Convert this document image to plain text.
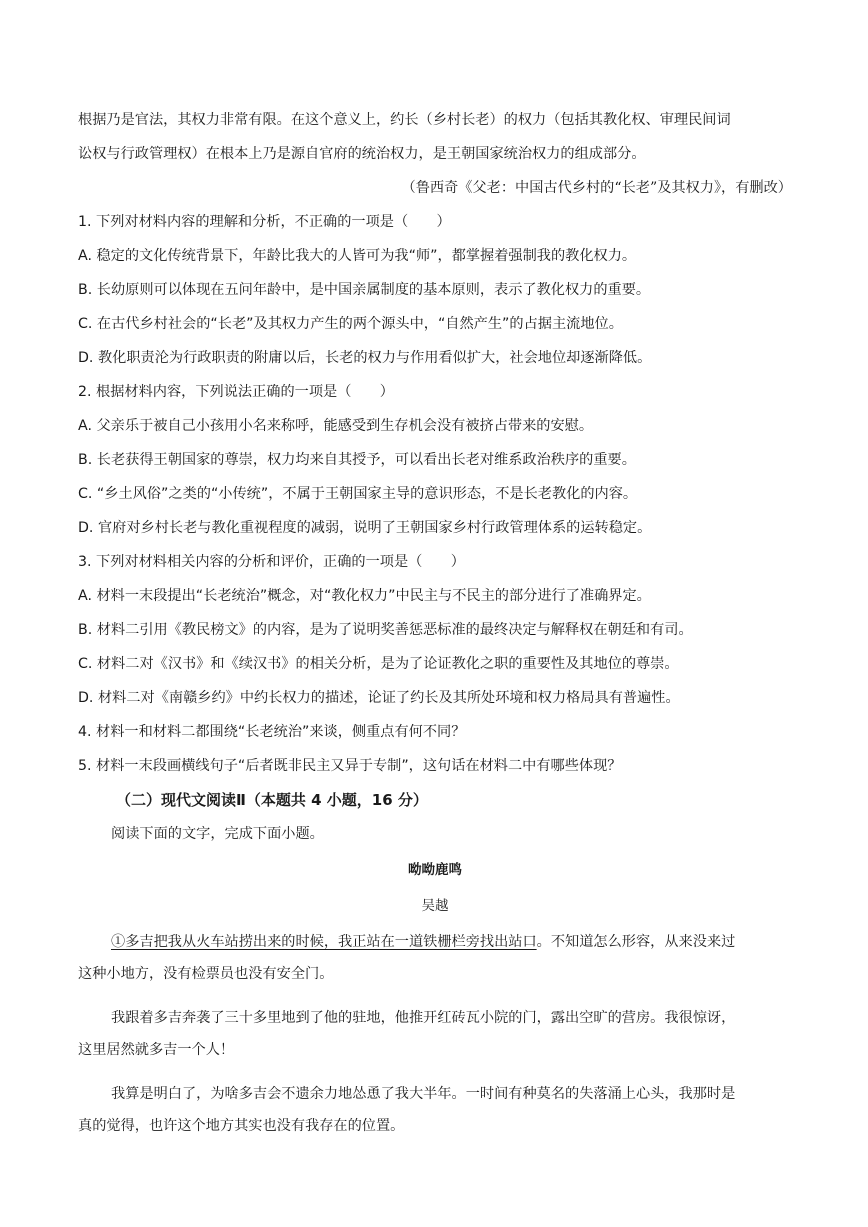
根据乃是官法，其权力非常有限。在这个意义上，约长（乡村长老）的权力（包括其教化权、审理民间词

讼权与行政管理权）在根本上乃是源自官府的统治权力，是王朝国家统治权力的组成部分。

（鲁西奇《父老：中国古代乡村的“长老”及其权力》，有删改）

1. 下列对材料内容的理解和分析，不正确的一项是（　　）

A. 稳定的文化传统背景下，年龄比我大的人皆可为我“师”，都掌握着强制我的教化权力。

B. 长幼原则可以体现在五问年龄中，是中国亲属制度的基本原则，表示了教化权力的重要。

C. 在古代乡村社会的“长老”及其权力产生的两个源头中，“自然产生”的占据主流地位。

D. 教化职责沦为行政职责的附庸以后，长老的权力与作用看似扩大，社会地位却逐渐降低。

2. 根据材料内容，下列说法正确的一项是（　　）

A. 父亲乐于被自己小孩用小名来称呼，能感受到生存机会没有被挤占带来的安慰。

B. 长老获得王朝国家的尊崇，权力均来自其授予，可以看出长老对维系政治秩序的重要。

C. “乡土风俗”之类的“小传统”，不属于王朝国家主导的意识形态，不是长老教化的内容。

D. 官府对乡村长老与教化重视程度的减弱，说明了王朝国家乡村行政管理体系的运转稳定。

3. 下列对材料相关内容的分析和评价，正确的一项是（　　）

A. 材料一末段提出“长老统治”概念，对“教化权力”中民主与不民主的部分进行了准确界定。

B. 材料二引用《教民榜文》的内容，是为了说明奖善惩恶标准的最终决定与解释权在朝廷和有司。

C. 材料二对《汉书》和《续汉书》的相关分析，是为了论证教化之职的重要性及其地位的尊崇。

D. 材料二对《南赣乡约》中约长权力的描述，论证了约长及其所处环境和权力格局具有普遍性。

4. 材料一和材料二都围绕“长老统治”来谈，侧重点有何不同？

5. 材料一末段画横线句子“后者既非民主又异于专制”，这句话在材料二中有哪些体现？

（二）现代文阅读Ⅱ（本题共 4 小题，16 分）

阅读下面的文字，完成下面小题。

呦呦鹿鸣

吴越

①多吉把我从火车站捞出来的时候，我正站在一道铁栅栏旁找出站口。不知道怎么形容，从来没来过

这种小地方，没有检票员也没有安全门。

我跟着多吉奔袭了三十多里地到了他的驻地，他推开红砖瓦小院的门，露出空旷的营房。我很惊讶，

这里居然就多吉一个人！

我算是明白了，为啥多吉会不遗余力地怂恿了我大半年。一时间有种莫名的失落涌上心头，我那时是

真的觉得，也许这个地方其实也没有我存在的位置。
